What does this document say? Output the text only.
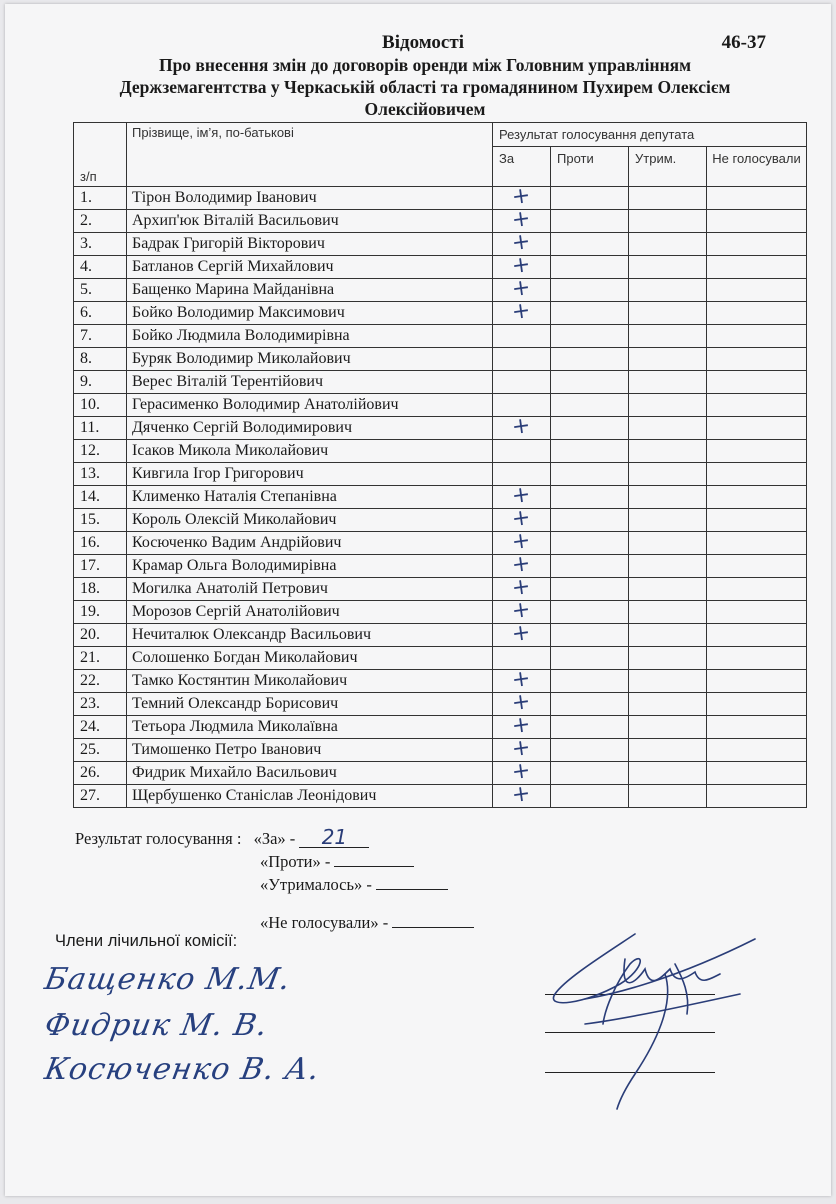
Відомості	46-37
Про внесення змін до договорів оренди між Головним управлінням
Держземагентства у Черкаській області та громадянином Пухирем Олексієм
Олексійовичем
з/п	Прізвище, ім’я, по-батькові	Результат голосування депутата			
		За	Проти	Утрим.	Не голосували
1.	Тірон Володимир Іванович	+			
2.	Архип'юк Віталій Васильович	+			
3.	Бадрак Григорій Вікторович	+			
4.	Батланов Сергій Михайлович	+			
5.	Бащенко Марина Майданівна	+			
6.	Бойко Володимир Максимович	+			
7.	Бойко Людмила Володимирівна				
8.	Буряк Володимир Миколайович				
9.	Верес Віталій Терентійович				
10.	Герасименко Володимир Анатолійович				
11.	Дяченко Сергій Володимирович	+			
12.	Ісаков Микола Миколайович				
13.	Кивгила Ігор Григорович				
14.	Клименко Наталія Степанівна	+			
15.	Король Олексій Миколайович	+			
16.	Косюченко Вадим Андрійович	+			
17.	Крамар Ольга Володимирівна	+			
18.	Могилка Анатолій Петрович	+			
19.	Морозов Сергій Анатолійович	+			
20.	Нечиталюк Олександр Васильович	+			
21.	Солошенко Богдан Миколайович				
22.	Тамко Костянтин Миколайович	+			
23.	Темний Олександр Борисович	+			
24.	Тетьора Людмила Миколаївна	+			
25.	Тимошенко Петро Іванович	+			
26.	Фидрик Михайло Васильович	+			
27.	Щербушенко Станіслав Леонідович	+			
Результат голосування : «За» - 21
«Проти» -
«Утрималось» -
«Не голосували» -
Члени лічильної комісії:
Бащенко М.М.
Фидрик М. В.
Косюченко В. А.
